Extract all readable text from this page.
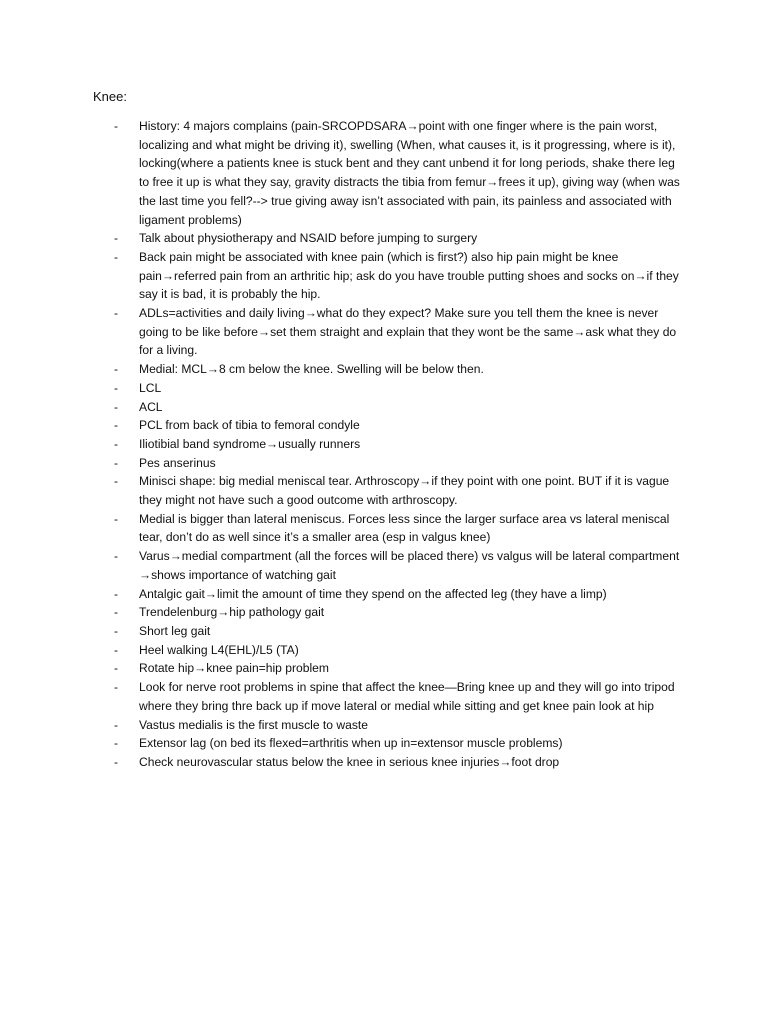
Knee:
- History: 4 majors complains (pain-SRCOPDSARA→point with one finger where is the pain worst, localizing and what might be driving it), swelling (When, what causes it, is it progressing, where is it), locking(where a patients knee is stuck bent and they cant unbend it for long periods, shake there leg to free it up is what they say, gravity distracts the tibia from femur→frees it up), giving way (when was the last time you fell?--> true giving away isn’t associated with pain, its painless and associated with ligament problems)
- Talk about physiotherapy and NSAID before jumping to surgery
- Back pain might be associated with knee pain (which is first?) also hip pain might be knee pain→referred pain from an arthritic hip; ask do you have trouble putting shoes and socks on→if they say it is bad, it is probably the hip.
- ADLs=activities and daily living→what do they expect? Make sure you tell them the knee is never going to be like before→set them straight and explain that they wont be the same→ask what they do for a living.
- Medial: MCL→8 cm below the knee. Swelling will be below then.
- LCL
- ACL
- PCL from back of tibia to femoral condyle
- Iliotibial band syndrome→usually runners
- Pes anserinus
- Minisci shape: big medial meniscal tear. Arthroscopy→if they point with one point. BUT if it is vague they might not have such a good outcome with arthroscopy.
- Medial is bigger than lateral meniscus. Forces less since the larger surface area vs lateral meniscal tear, don’t do as well since it’s a smaller area (esp in valgus knee)
- Varus→medial compartment (all the forces will be placed there) vs valgus will be lateral compartment →shows importance of watching gait
- Antalgic gait→limit the amount of time they spend on the affected leg (they have a limp)
- Trendelenburg→hip pathology gait
- Short leg gait
- Heel walking L4(EHL)/L5 (TA)
- Rotate hip→knee pain=hip problem
- Look for nerve root problems in spine that affect the knee—Bring knee up and they will go into tripod where they bring thre back up if move lateral or medial while sitting and get knee pain look at hip
- Vastus medialis is the first muscle to waste
- Extensor lag (on bed its flexed=arthritis when up in=extensor muscle problems)
- Check neurovascular status below the knee in serious knee injuries→foot drop
